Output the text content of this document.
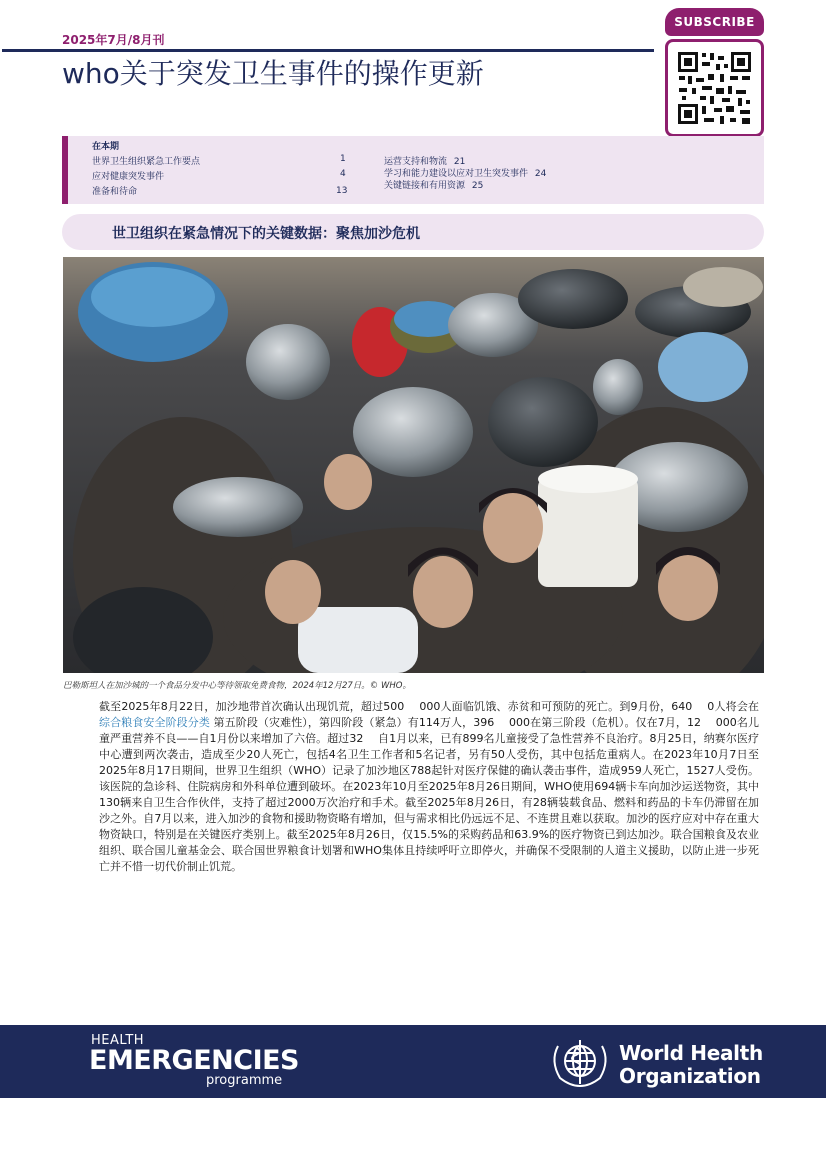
2025年7月/8月刊
who关于突发卫生事件的操作更新
SUBSCRIBE
在本期
世界卫生组织紧急工作要点	1
应对健康突发事件	4
准备和待命	13
运营支持和物流 21
学习和能力建设以应对卫生突发事件 24
关键链接和有用资源 25
世卫组织在紧急情况下的关键数据：聚焦加沙危机
巴勒斯坦人在加沙城的一个食品分发中心等待领取免费食物，2024年12月27日。© WHO。
截至2025年8月22日，加沙地带首次确认出现饥荒，超过500　 000人面临饥饿、赤贫和可预防的死亡。到9月份，640　 0人将会在 综合粮食安全阶段分类 第五阶段（灾难性），第四阶段（紧急）有114万人，396　 000在第三阶段（危机）。仅在7月，12　 000名儿童严重营养不良——自1月份以来增加了六倍。超过32　 自1月以来，已有899名儿童接受了急性营养不良治疗。8月25日，纳赛尔医疗中心遭到两次袭击，造成至少20人死亡，包括4名卫生工作者和5名记者，另有50人受伤，其中包括危重病人。在2023年10月7日至2025年8月17日期间，世界卫生组织（WHO）记录了加沙地区788起针对医疗保健的确认袭击事件，造成959人死亡，1527人受伤。该医院的急诊科、住院病房和外科单位遭到破坏。在2023年10月至2025年8月26日期间，WHO使用694辆卡车向加沙运送物资，其中130辆来自卫生合作伙伴，支持了超过2000万次治疗和手术。截至2025年8月26日，有28辆装载食品、燃料和药品的卡车仍滞留在加沙之外。自7月以来，进入加沙的食物和援助物资略有增加，但与需求相比仍远远不足、不连贯且难以获取。加沙的医疗应对中存在重大物资缺口，特别是在关键医疗类别上。截至2025年8月26日，仅15.5%的采购药品和63.9%的医疗物资已到达加沙。联合国粮食及农业组织、联合国儿童基金会、联合国世界粮食计划署和WHO集体且持续呼吁立即停火，并确保不受限制的人道主义援助，以防止进一步死亡并不惜一切代价制止饥荒。
HEALTH
EMERGENCIES
programme
World Health
Organization
